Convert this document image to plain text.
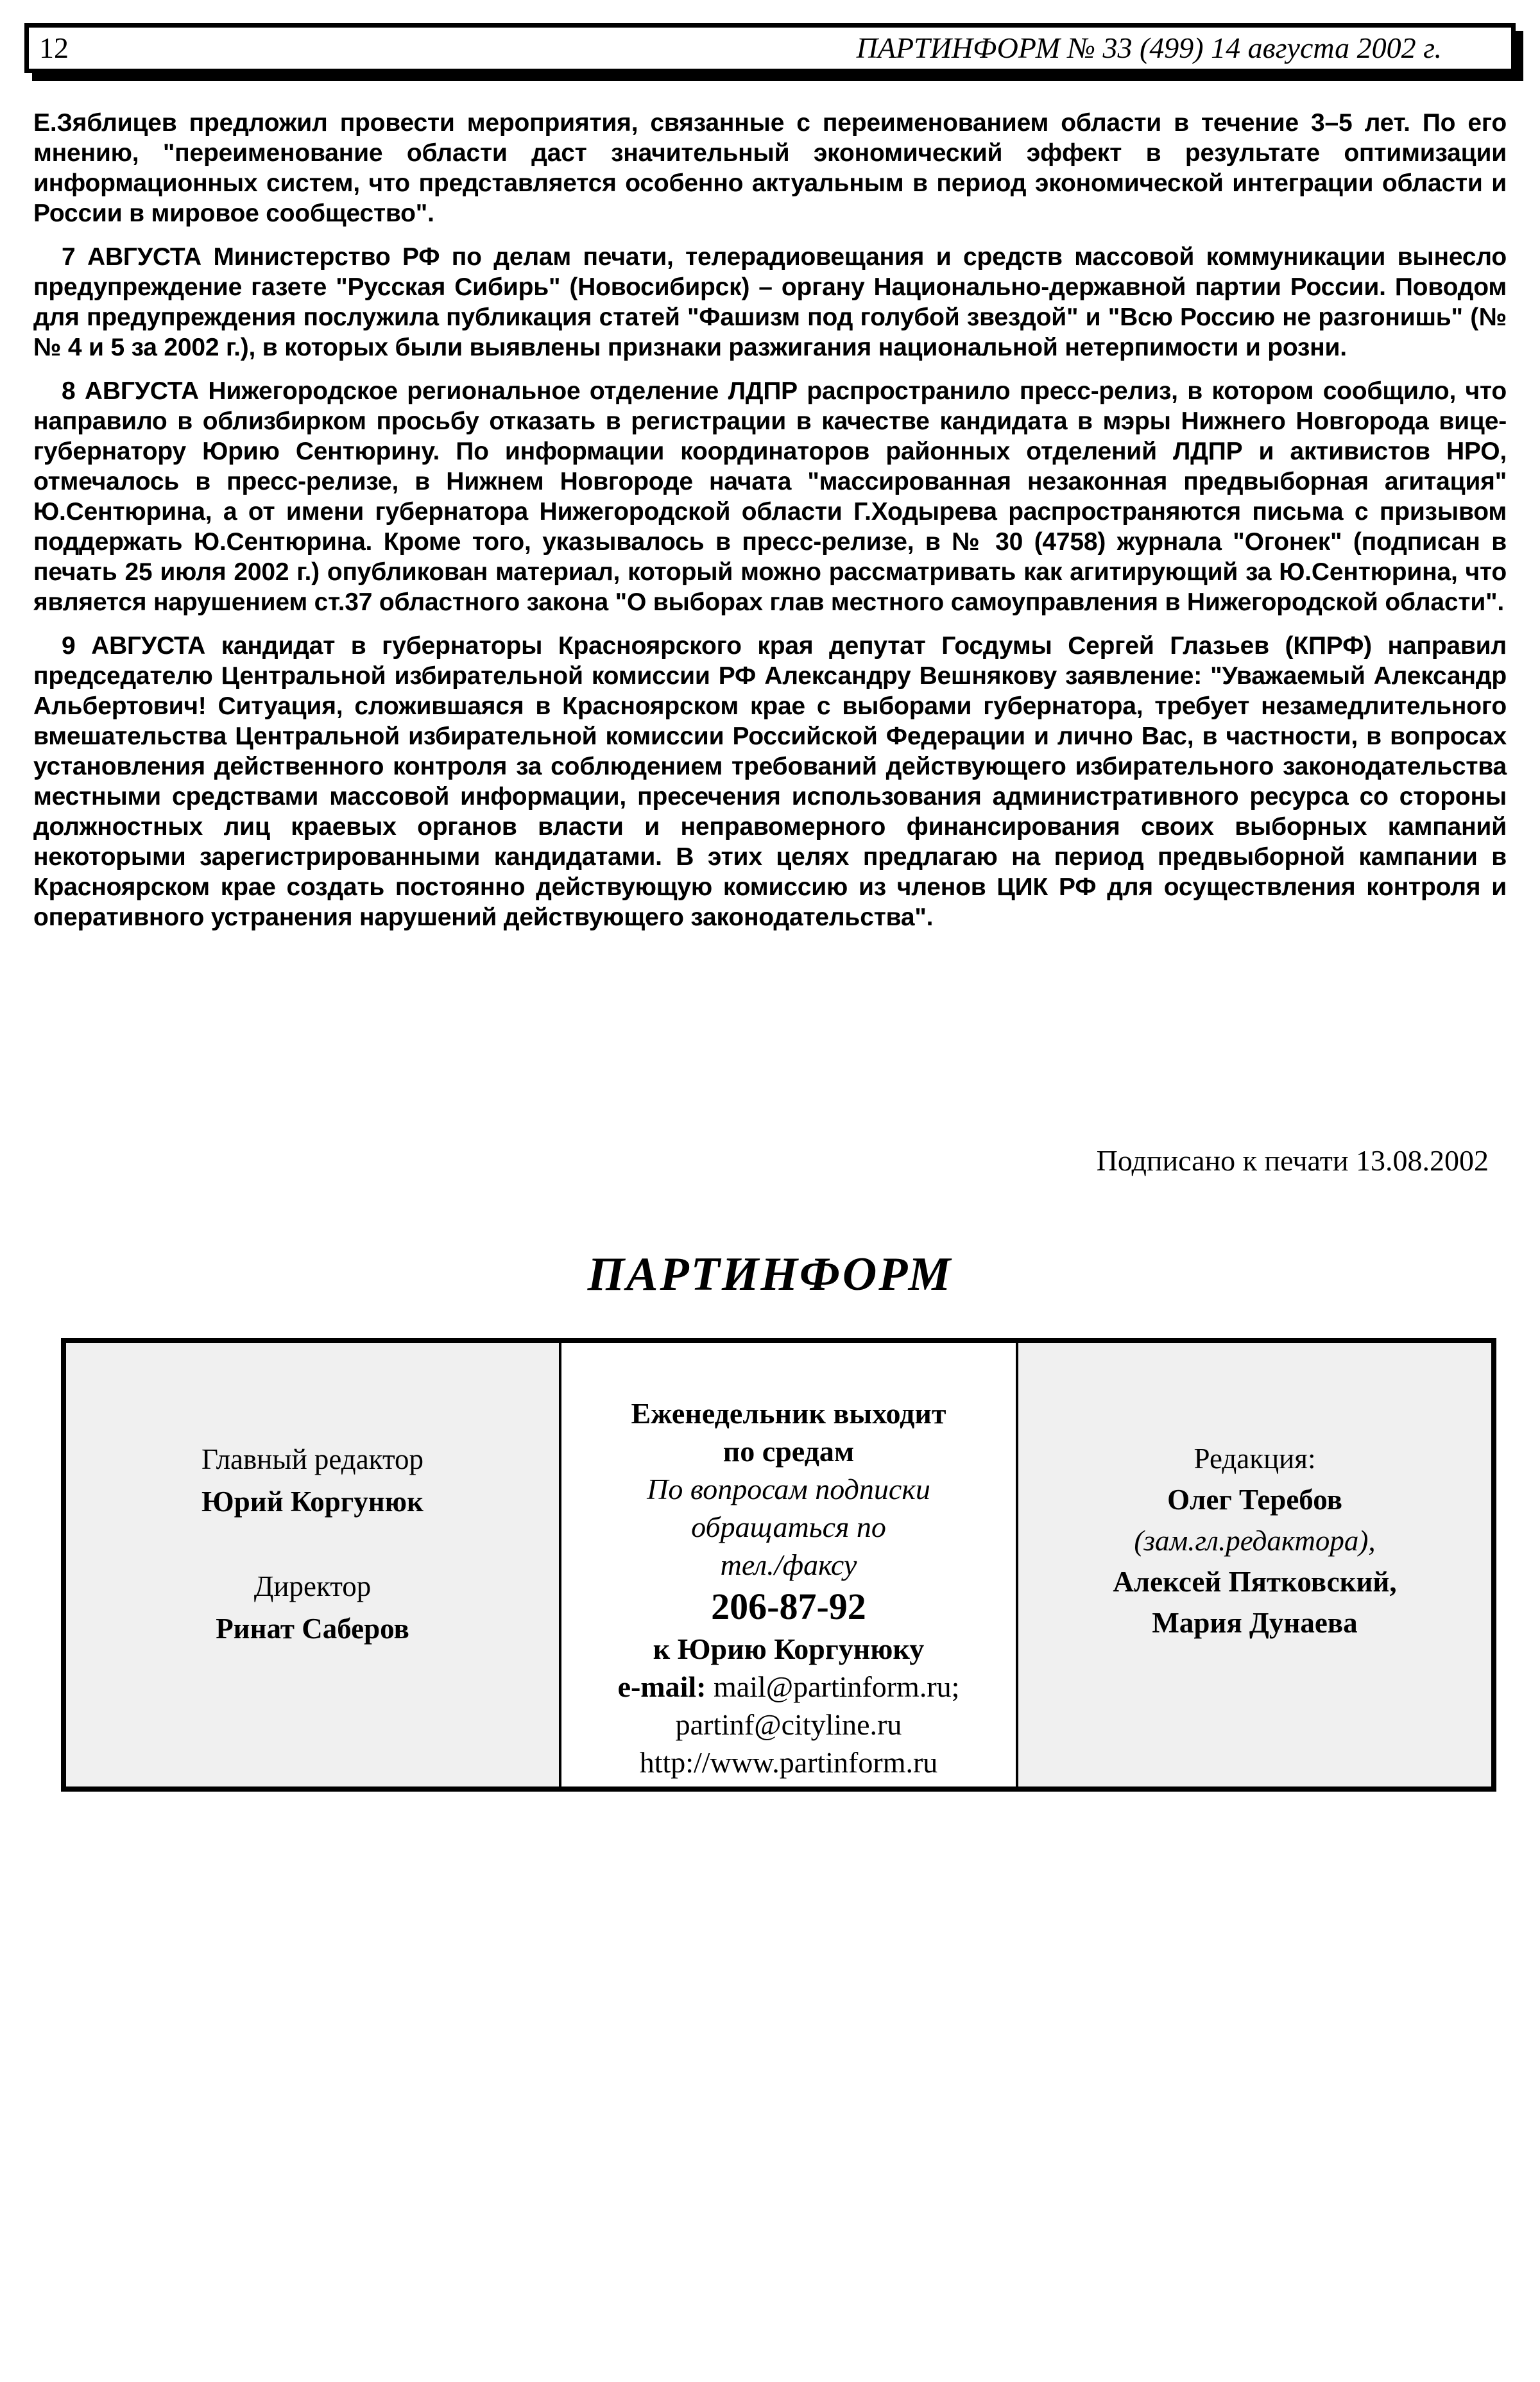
12	ПАРТИНФОРМ № 33 (499) 14 августа 2002 г.

Е.Зяблицев предложил провести мероприятия, связанные с переименованием области в течение 3–5 лет. По его мнению, "переименование области даст значительный экономический эффект в результате оптимизации информационных систем, что представляется особенно актуальным в период экономической интеграции области и России в мировое сообщество".

7 АВГУСТА Министерство РФ по делам печати, телерадиовещания и средств массовой коммуникации вынесло предупреждение газете "Русская Сибирь" (Новосибирск) – органу Национально-державной партии России. Поводом для предупреждения послужила публикация статей "Фашизм под голубой звездой" и "Всю Россию не разгонишь" (№№ 4 и 5 за 2002 г.), в которых были выявлены признаки разжигания национальной нетерпимости и розни.

8 АВГУСТА Нижегородское региональное отделение ЛДПР распространило пресс-релиз, в котором сообщило, что направило в облизбирком просьбу отказать в регистрации в качестве кандидата в мэры Нижнего Новгорода вице-губернатору Юрию Сентюрину. По информации координаторов районных отделений ЛДПР и активистов НРО, отмечалось в пресс-релизе, в Нижнем Новгороде начата "массированная незаконная предвыборная агитация" Ю.Сентюрина, а от имени губернатора Нижегородской области Г.Ходырева распространяются письма с призывом поддержать Ю.Сентюрина. Кроме того, указывалось в пресс-релизе, в № 30 (4758) журнала "Огонек" (подписан в печать 25 июля 2002 г.) опубликован материал, который можно рассматривать как агитирующий за Ю.Сентюрина, что является нарушением ст.37 областного закона "О выборах глав местного самоуправления в Нижегородской области".

9 АВГУСТА кандидат в губернаторы Красноярского края депутат Госдумы Сергей Глазьев (КПРФ) направил председателю Центральной избирательной комиссии РФ Александру Вешнякову заявление: "Уважаемый Александр Альбертович! Ситуация, сложившаяся в Красноярском крае с выборами губернатора, требует незамедлительного вмешательства Центральной избирательной комиссии Российской Федерации и лично Вас, в частности, в вопросах установления действенного контроля за соблюдением требований действующего избирательного законодательства местными средствами массовой информации, пресечения использования административного ресурса со стороны должностных лиц краевых органов власти и неправомерного финансирования своих выборных кампаний некоторыми зарегистрированными кандидатами. В этих целях предлагаю на период предвыборной кампании в Красноярском крае создать постоянно действующую комиссию из членов ЦИК РФ для осуществления контроля и оперативного устранения нарушений действующего законодательства".

Подписано к печати 13.08.2002
ПАРТИНФОРМ
Главный редактор
Юрий Коргунюк
Директор
Ринат Саберов
Еженедельник выходит
по средам
По вопросам подписки
обращаться по
тел./факсу
206-87-92
к Юрию Коргунюку
e-mail: mail@partinform.ru;
partinf@cityline.ru
http://www.partinform.ru
Редакция:
Олег Теребов
(зам.гл.редактора),
Алексей Пятковский,
Мария Дунаева
